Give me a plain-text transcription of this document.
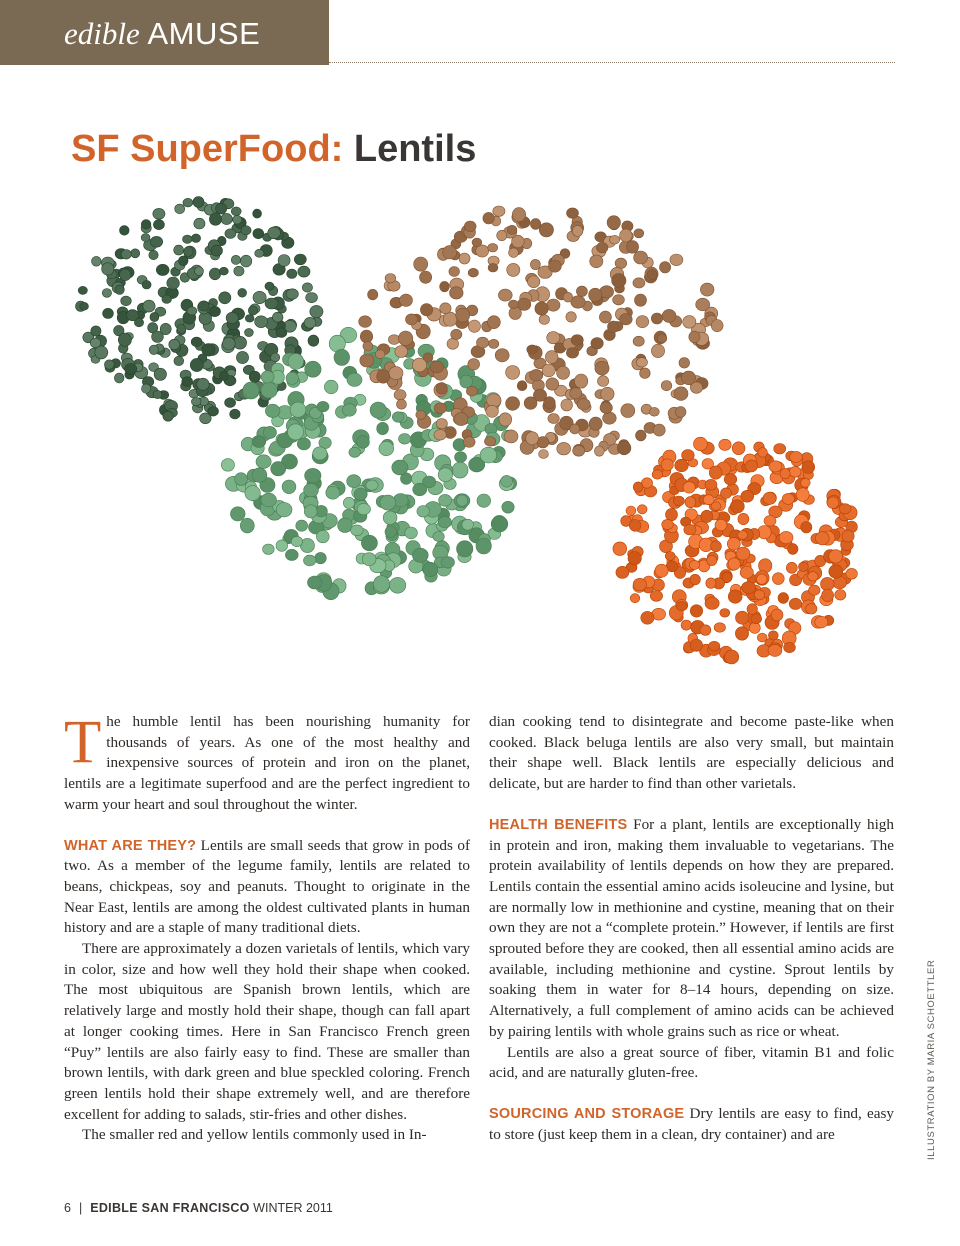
edible AMUSE
SF SuperFood: Lentils

The humble lentil has been nourishing humanity for thousands of years. As one of the most healthy and inexpensive sources of protein and iron on the planet, lentils are a legitimate superfood and are the perfect ingredient to warm your heart and soul throughout the winter.

WHAT ARE THEY? Lentils are small seeds that grow in pods of two. As a member of the legume family, lentils are related to beans, chickpeas, soy and peanuts. Thought to originate in the Near East, lentils are among the oldest cultivated plants in human history and are a staple of many traditional diets.

There are approximately a dozen varietals of lentils, which vary in color, size and how well they hold their shape when cooked. The most ubiquitous are Spanish brown lentils, which are relatively large and mostly hold their shape, though can fall apart at longer cooking times. Here in San Francisco French green “Puy” lentils are also fairly easy to find. These are smaller than brown lentils, with dark green and blue speckled coloring. French green lentils hold their shape extremely well, and are therefore excellent for adding to salads, stir-fries and other dishes.

The smaller red and yellow lentils commonly used in In-

dian cooking tend to disintegrate and become paste-like when cooked. Black beluga lentils are also very small, but maintain their shape well. Black lentils are especially delicious and delicate, but are harder to find than other varietals.

HEALTH BENEFITS For a plant, lentils are exceptionally high in protein and iron, making them invaluable to vegetarians. The protein availability of lentils depends on how they are prepared. Lentils contain the essential amino acids isoleucine and lysine, but are normally low in methionine and cystine, meaning that on their own they are not a “complete protein.” However, if lentils are first sprouted before they are cooked, then all essential amino acids are available, including methionine and cystine. Sprout lentils by soaking them in water for 8–14 hours, depending on size. Alternatively, a full complement of amino acids can be achieved by pairing lentils with whole grains such as rice or wheat.

Lentils are also a great source of fiber, vitamin B1 and folic acid, and are naturally gluten-free.

SOURCING AND STORAGE Dry lentils are easy to find, easy to store (just keep them in a clean, dry container) and are	ILLUSTRATION BY MARIA SCHOETTLER
6 | EDIBLE SAN FRANCISCO WINTER 2011
